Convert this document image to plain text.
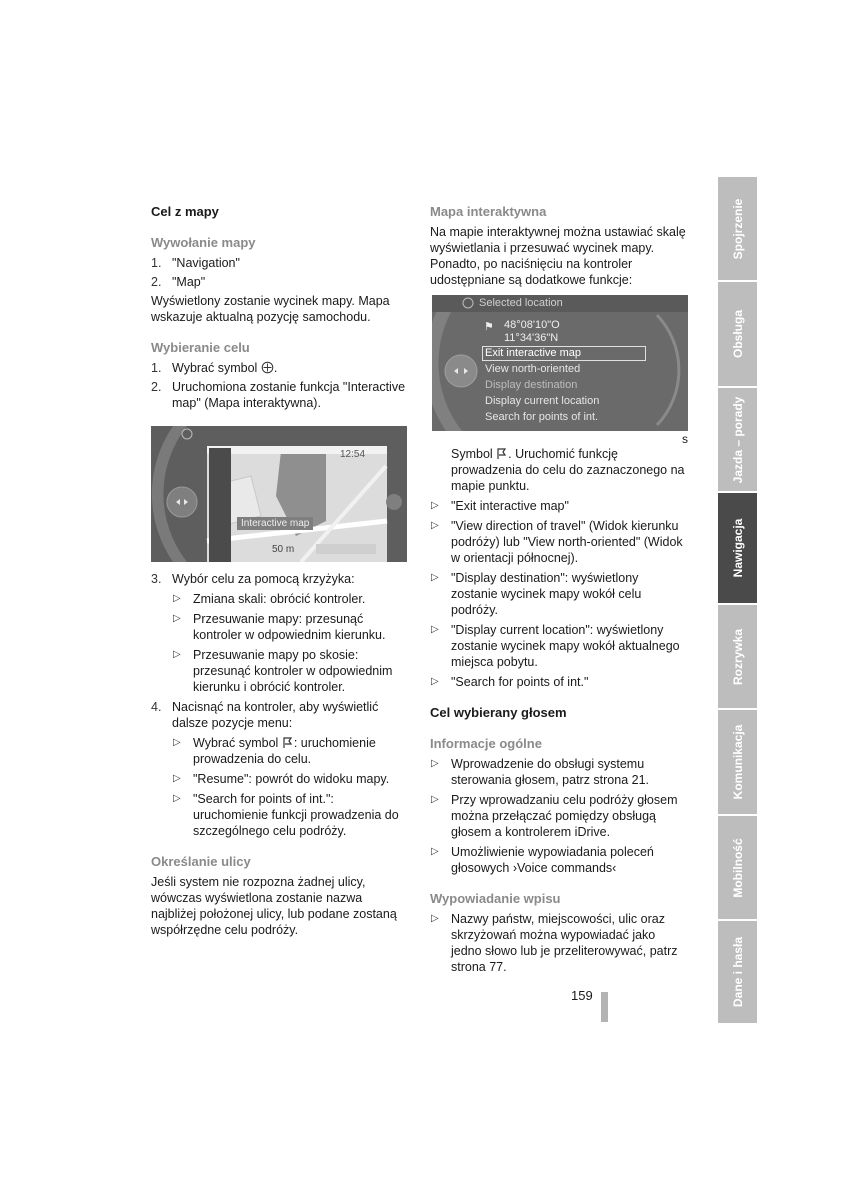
Cel z mapy
Wywołanie mapy
1. "Navigation"
2. "Map"

Wyświetlony zostanie wycinek mapy. Mapa wskazuje aktualną pozycję samochodu.

Wybieranie celu
1. Wybrać symbol .
2. Uruchomiona zostanie funkcja "Interactive map" (Mapa interaktywna).
12:54
Interactive map
50 m
3. Wybór celu za pomocą krzyżyka:
▷ Zmiana skali: obrócić kontroler.
▷ Przesuwanie mapy: przesunąć kontroler w odpowiednim kierunku.
▷ Przesuwanie mapy po skosie: przesunąć kontroler w odpowiednim kierunku i obrócić kontroler.
4. Nacisnąć na kontroler, aby wyświetlić dalsze pozycje menu:
▷ Wybrać symbol : uruchomienie prowadzenia do celu.
▷ "Resume": powrót do widoku mapy.
▷ "Search for points of int.": uruchomienie funkcji prowadzenia do szczególnego celu podróży.
Określanie ulicy

Jeśli system nie rozpozna żadnej ulicy, wówczas wyświetlona zostanie nazwa najbliżej położonej ulicy, lub podane zostaną współrzędne celu podróży.

Mapa interaktywna

Na mapie interaktywnej można ustawiać skalę wyświetlania i przesuwać wycinek mapy. Ponadto, po naciśnięciu na kontroler udostępniane są dodatkowe funkcje:

Selected location
⚑ 48°08'10"O
11°34'36"N
Exit interactive map
View north-oriented
Display destination
Display current location
Search for points of int.
s

Symbol . Uruchomić funkcję prowadzenia do celu do zaznaczonego na mapie punktu.

▷ "Exit interactive map"
▷ "View direction of travel" (Widok kierunku podróży) lub "View north-oriented" (Widok w orientacji północnej).
▷ "Display destination": wyświetlony zostanie wycinek mapy wokół celu podróży.
▷ "Display current location": wyświetlony zostanie wycinek mapy wokół aktualnego miejsca pobytu.
▷ "Search for points of int."
Cel wybierany głosem
Informacje ogólne
▷ Wprowadzenie do obsługi systemu sterowania głosem, patrz strona 21.
▷ Przy wprowadzaniu celu podróży głosem można przełączać pomiędzy obsługą głosem a kontrolerem iDrive.
▷ Umożliwienie wypowiadania poleceń głosowych ›Voice commands‹
Wypowiadanie wpisu
▷ Nazwy państw, miejscowości, ulic oraz skrzyżowań można wypowiadać jako jedno słowo lub je przeliterowywać, patrz strona 77.
159
Spojrzenie
Obsługa
Jazda – porady
Nawigacja
Rozrywka
Komunikacja
Mobilność
Dane i hasła
